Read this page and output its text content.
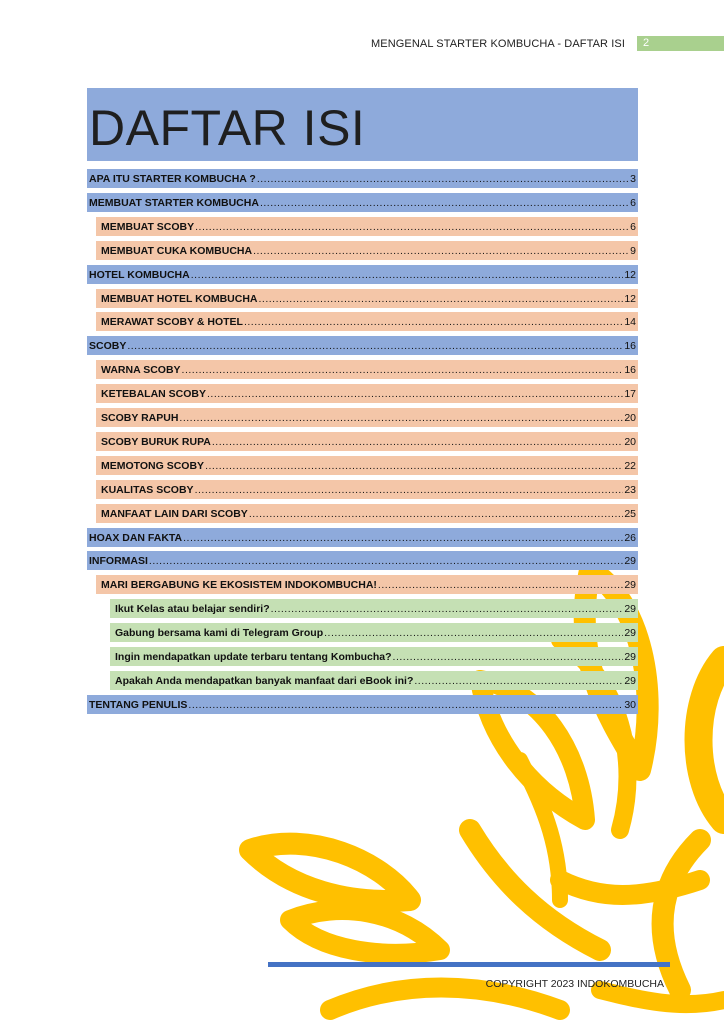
MENGENAL STARTER KOMBUCHA - DAFTAR ISI	2
DAFTAR ISI
APA ITU STARTER KOMBUCHA ? .....	3
MEMBUAT STARTER KOMBUCHA .....	6
MEMBUAT SCOBY .....	6
MEMBUAT CUKA KOMBUCHA .....	9
HOTEL KOMBUCHA .....	12
MEMBUAT HOTEL KOMBUCHA .....	12
MERAWAT SCOBY & HOTEL .....	14
SCOBY .....	16
WARNA SCOBY .....	16
KETEBALAN SCOBY .....	17
SCOBY RAPUH .....	20
SCOBY BURUK RUPA .....	20
MEMOTONG SCOBY .....	22
KUALITAS SCOBY .....	23
MANFAAT LAIN DARI SCOBY .....	25
HOAX DAN FAKTA .....	26
INFORMASI .....	29
MARI BERGABUNG KE EKOSISTEM INDOKOMBUCHA! .....	29
Ikut Kelas atau belajar sendiri? .....	29
Gabung bersama kami di Telegram Group .....	29
Ingin mendapatkan update terbaru tentang Kombucha? .....	29
Apakah Anda mendapatkan banyak manfaat dari eBook ini? .....	29
TENTANG PENULIS .....	30
COPYRIGHT 2023 INDOKOMBUCHA
